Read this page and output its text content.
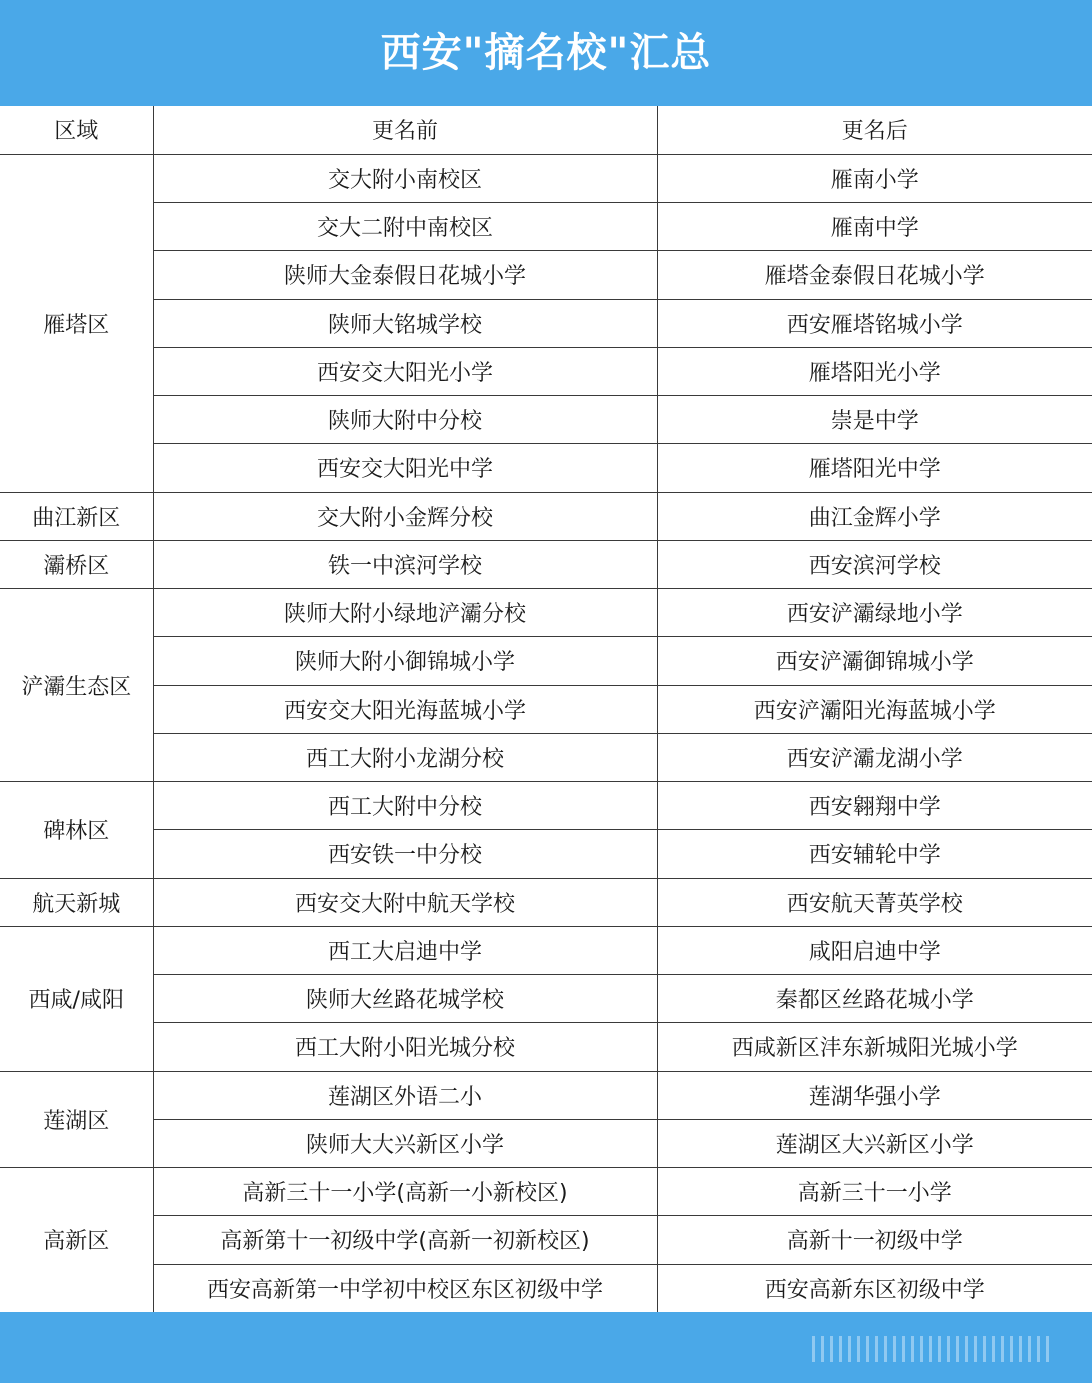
西安"摘名校"汇总
区域	更名前	更名后
雁塔区	交大附小南校区	雁南小学
	交大二附中南校区	雁南中学
	陕师大金泰假日花城小学	雁塔金泰假日花城小学
	陕师大铭城学校	西安雁塔铭城小学
	西安交大阳光小学	雁塔阳光小学
	陕师大附中分校	崇是中学
	西安交大阳光中学	雁塔阳光中学
曲江新区	交大附小金辉分校	曲江金辉小学
灞桥区	铁一中滨河学校	西安滨河学校
浐灞生态区	陕师大附小绿地浐灞分校	西安浐灞绿地小学
	陕师大附小御锦城小学	西安浐灞御锦城小学
	西安交大阳光海蓝城小学	西安浐灞阳光海蓝城小学
	西工大附小龙湖分校	西安浐灞龙湖小学
碑林区	西工大附中分校	西安翱翔中学
	西安铁一中分校	西安辅轮中学
航天新城	西安交大附中航天学校	西安航天菁英学校
西咸/咸阳	西工大启迪中学	咸阳启迪中学
	陕师大丝路花城学校	秦都区丝路花城小学
	西工大附小阳光城分校	西咸新区沣东新城阳光城小学
莲湖区	莲湖区外语二小	莲湖华强小学
	陕师大大兴新区小学	莲湖区大兴新区小学
高新区	高新三十一小学(高新一小新校区)	高新三十一小学
	高新第十一初级中学(高新一初新校区)	高新十一初级中学
	西安高新第一中学初中校区东区初级中学	西安高新东区初级中学
